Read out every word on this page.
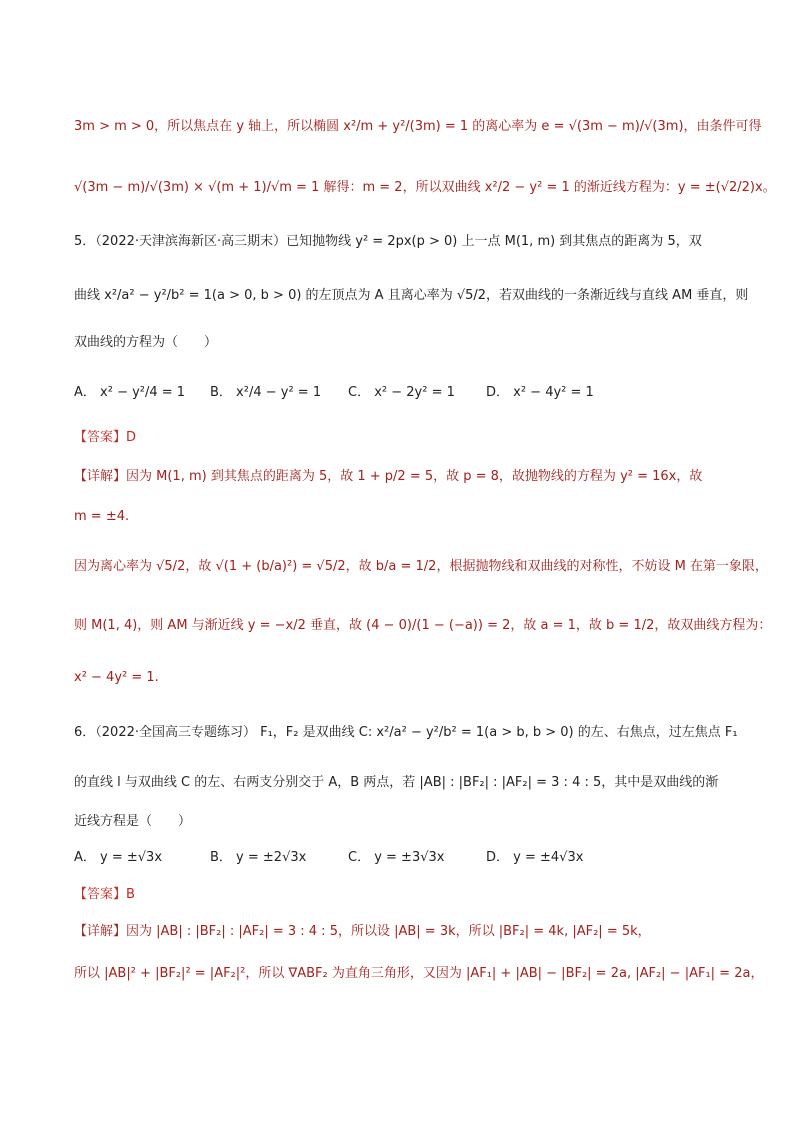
3m > m > 0，所以焦点在 y 轴上，所以椭圆 x²/m + y²/(3m) = 1 的离心率为 e = √(3m − m)/√(3m)，由条件可得
√(3m − m)/√(3m) × √(m + 1)/√m = 1 解得：m = 2，所以双曲线 x²/2 − y² = 1 的渐近线方程为：y = ±(√2/2)x。
5．（2022·天津滨海新区·高三期末）已知抛物线 y² = 2px(p > 0) 上一点 M(1, m) 到其焦点的距离为 5，双
曲线 x²/a² − y²/b² = 1(a > 0, b > 0) 的左顶点为 A 且离心率为 √5/2，若双曲线的一条渐近线与直线 AM 垂直，则
双曲线的方程为（　　）
A． x² − y²/4 = 1 B． x²/4 − y² = 1 C． x² − 2y² = 1 D． x² − 4y² = 1
【答案】D
【详解】因为 M(1, m) 到其焦点的距离为 5，故 1 + p/2 = 5，故 p = 8，故抛物线的方程为 y² = 16x，故
m = ±4.
因为离心率为 √5/2，故 √(1 + (b/a)²) = √5/2，故 b/a = 1/2，根据抛物线和双曲线的对称性，不妨设 M 在第一象限，
则 M(1, 4)，则 AM 与渐近线 y = −x/2 垂直，故 (4 − 0)/(1 − (−a)) = 2，故 a = 1，故 b = 1/2，故双曲线方程为：
x² − 4y² = 1.
6．（2022·全国高三专题练习） F₁，F₂ 是双曲线 C: x²/a² − y²/b² = 1(a > b, b > 0) 的左、右焦点，过左焦点 F₁
的直线 l 与双曲线 C 的左、右两支分别交于 A，B 两点，若 |AB| : |BF₂| : |AF₂| = 3 : 4 : 5，其中是双曲线的渐
近线方程是（　　）
A． y = ±√3x	B． y = ±2√3x	C． y = ±3√3x	D． y = ±4√3x
【答案】B
【详解】因为 |AB| : |BF₂| : |AF₂| = 3 : 4 : 5，所以设 |AB| = 3k，所以 |BF₂| = 4k, |AF₂| = 5k，
所以 |AB|² + |BF₂|² = |AF₂|²，所以 ∇ABF₂ 为直角三角形，又因为 |AF₁| + |AB| − |BF₂| = 2a, |AF₂| − |AF₁| = 2a，
